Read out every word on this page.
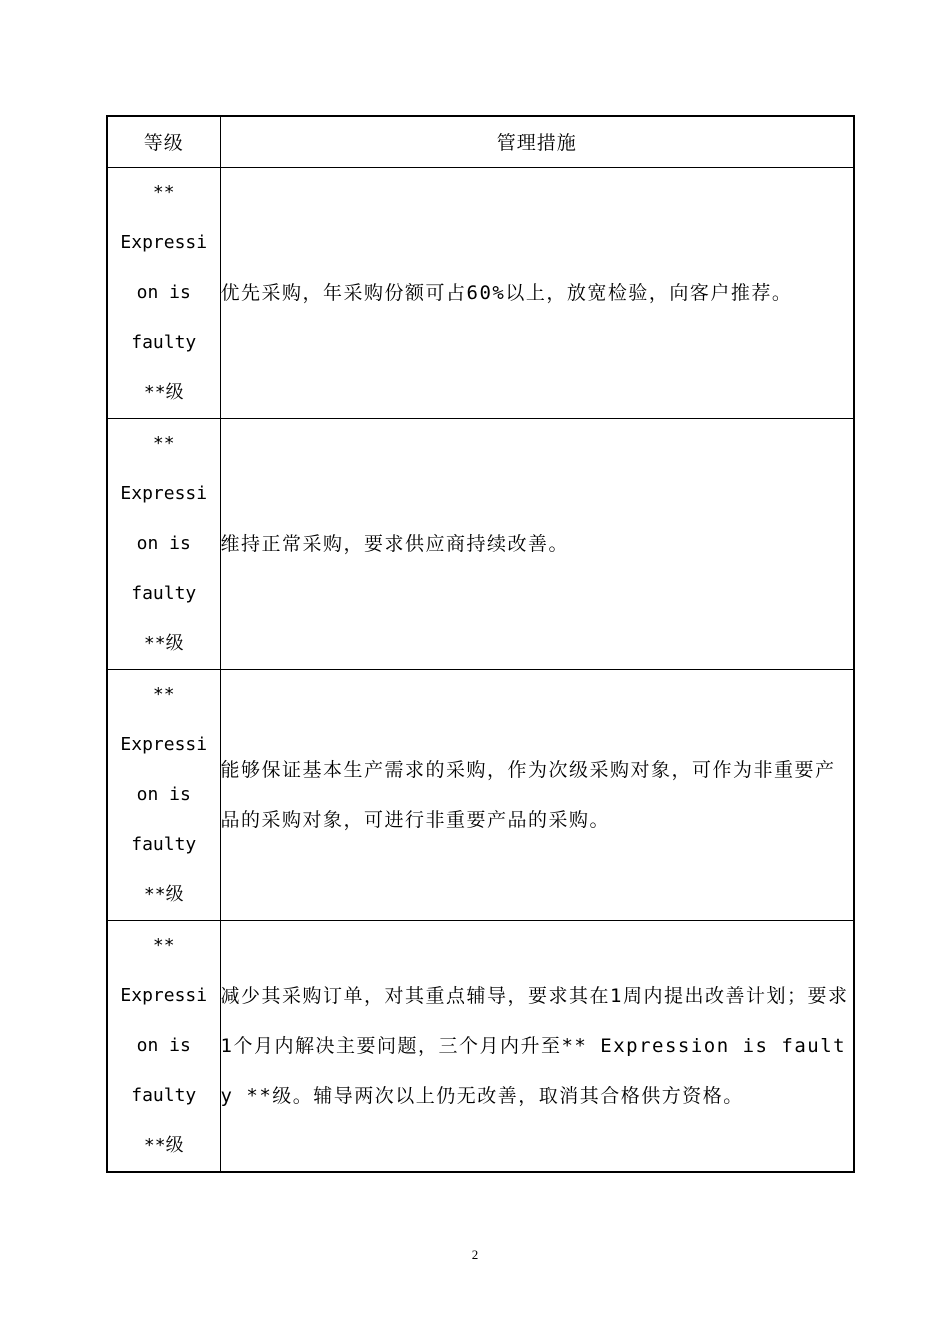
等级	管理措施

**
Expressi
on is
faulty
**级	优先采购，年采购份额可占60%以上，放宽检验，向客户推荐。

**
Expressi
on is
faulty
**级	维持正常采购，要求供应商持续改善。

**
Expressi
on is
faulty
**级	能够保证基本生产需求的采购，作为次级采购对象，可作为非重要产品的采购对象，可进行非重要产品的采购。

**
Expressi
on is
faulty
**级	减少其采购订单，对其重点辅导，要求其在1周内提出改善计划；要求1个月内解决主要问题，三个月内升至** Expression is faulty **级。辅导两次以上仍无改善，取消其合格供方资格。
2
